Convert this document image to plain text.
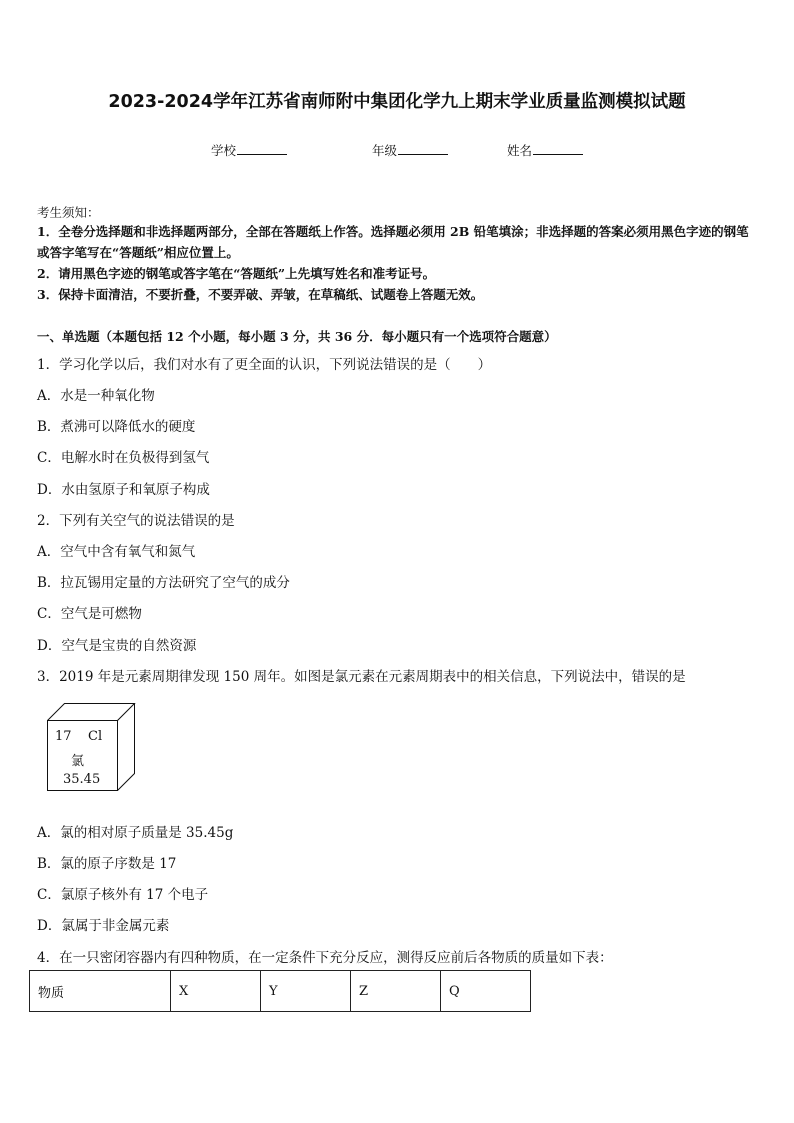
2023-2024学年江苏省南师附中集团化学九上期末学业质量监测模拟试题
学校	年级	姓名
考生须知：
1．全卷分选择题和非选择题两部分，全部在答题纸上作答。选择题必须用 2B 铅笔填涂；非选择题的答案必须用黑色字迹的钢笔或答字笔写在“答题纸”相应位置上。
2．请用黑色字迹的钢笔或答字笔在“答题纸”上先填写姓名和准考证号。
3．保持卡面清洁，不要折叠，不要弄破、弄皱，在草稿纸、试题卷上答题无效。
一、单选题（本题包括 12 个小题，每小题 3 分，共 36 分．每小题只有一个选项符合题意）
1．学习化学以后，我们对水有了更全面的认识，下列说法错误的是（　　）
A．水是一种氧化物
B．煮沸可以降低水的硬度
C．电解水时在负极得到氢气
D．水由氢原子和氧原子构成
2．下列有关空气的说法错误的是
A．空气中含有氧气和氮气
B．拉瓦锡用定量的方法研究了空气的成分
C．空气是可燃物
D．空气是宝贵的自然资源
3．2019 年是元素周期律发现 150 周年。如图是氯元素在元素周期表中的相关信息，下列说法中，错误的是
17 Cl
氯
35.45
A．氯的相对原子质量是 35.45g
B．氯的原子序数是 17
C．氯原子核外有 17 个电子
D．氯属于非金属元素
4．在一只密闭容器内有四种物质，在一定条件下充分反应，测得反应前后各物质的质量如下表：
物质	X	Y	Z	Q
